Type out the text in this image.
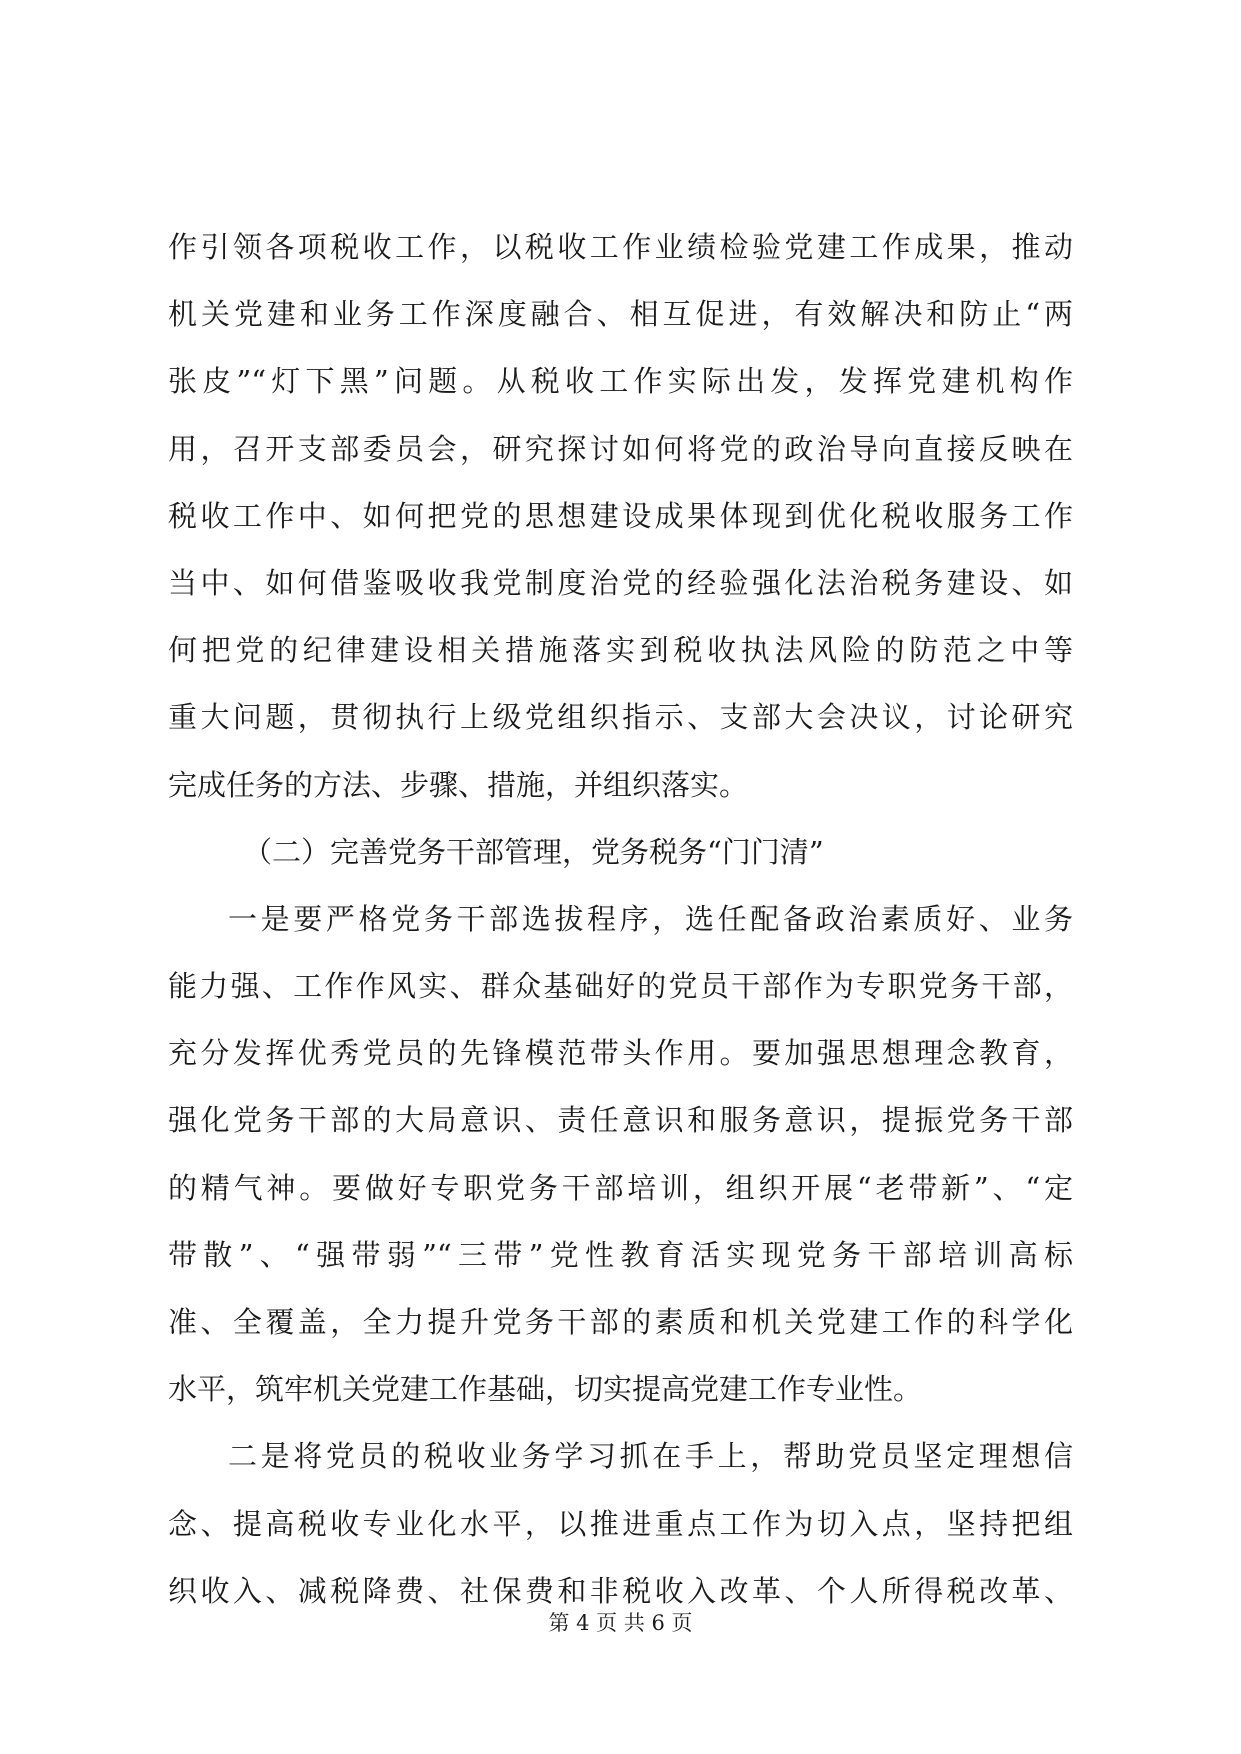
作引领各项税收工作，以税收工作业绩检验党建工作成果，推动
机关党建和业务工作深度融合、相互促进，有效解决和防止“两
张皮”“灯下黑”问题。从税收工作实际出发，发挥党建机构作
用，召开支部委员会，研究探讨如何将党的政治导向直接反映在
税收工作中、如何把党的思想建设成果体现到优化税收服务工作
当中、如何借鉴吸收我党制度治党的经验强化法治税务建设、如
何把党的纪律建设相关措施落实到税收执法风险的防范之中等
重大问题，贯彻执行上级党组织指示、支部大会决议，讨论研究
完成任务的方法、步骤、措施，并组织落实。
（二）完善党务干部管理，党务税务“门门清”
一是要严格党务干部选拔程序，选任配备政治素质好、业务
能力强、工作作风实、群众基础好的党员干部作为专职党务干部，
充分发挥优秀党员的先锋模范带头作用。要加强思想理念教育，
强化党务干部的大局意识、责任意识和服务意识，提振党务干部
的精气神。要做好专职党务干部培训，组织开展“老带新”、“定
带散”、“强带弱”“三带”党性教育活实现党务干部培训高标
准、全覆盖，全力提升党务干部的素质和机关党建工作的科学化
水平，筑牢机关党建工作基础，切实提高党建工作专业性。
二是将党员的税收业务学习抓在手上，帮助党员坚定理想信
念、提高税收专业化水平，以推进重点工作为切入点，坚持把组
织收入、减税降费、社保费和非税收入改革、个人所得税改革、
第 4 页 共 6 页
